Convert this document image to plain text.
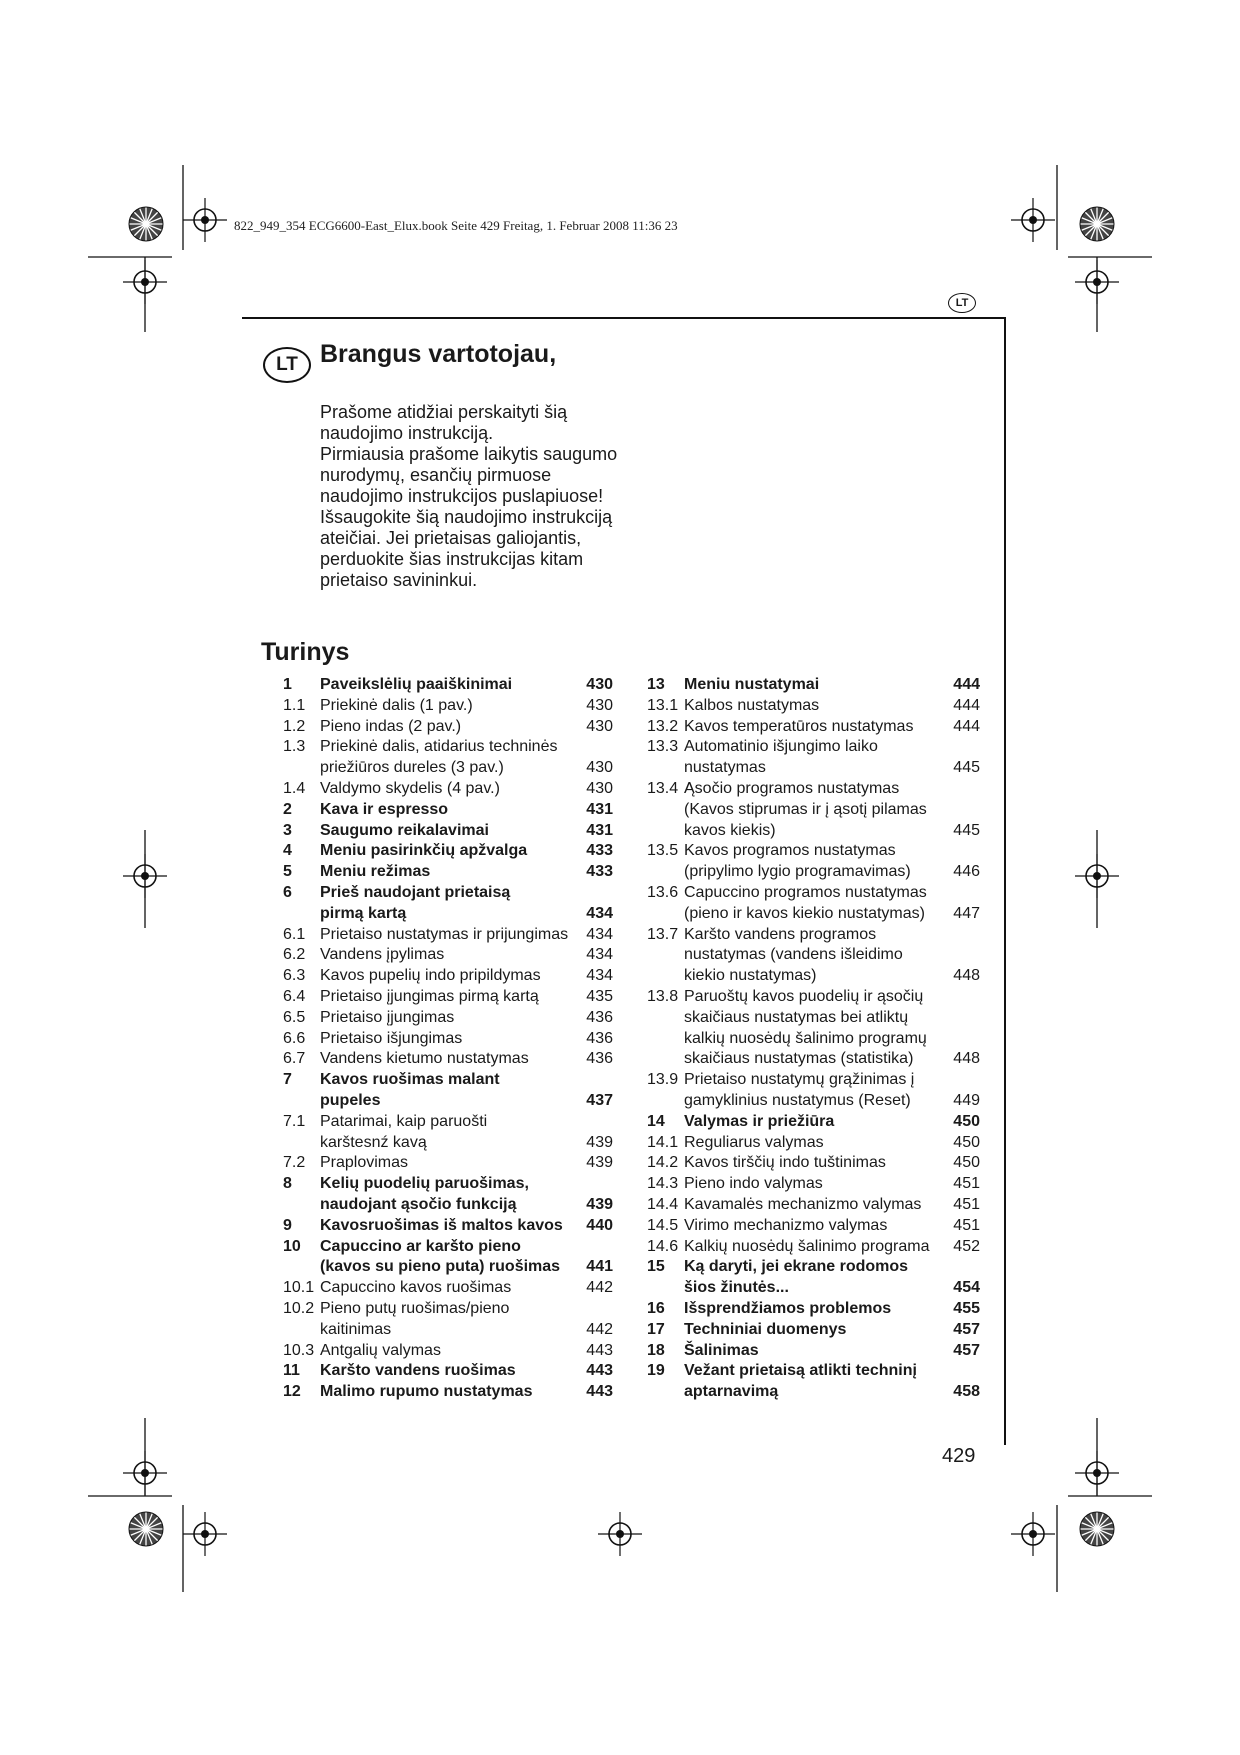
822_949_354 ECG6600-East_Elux.book Seite 429 Freitag, 1. Februar 2008 11:36 23
LT
LT Brangus vartotojau,

Prašome atidžiai perskaityti šią naudojimo instrukciją.

Pirmiausia prašome laikytis saugumo nurodymų, esančių pirmuose naudojimo instrukcijos puslapiuose! Išsaugokite šią naudojimo instrukciją ateičiai. Jei prietaisas galiojantis, perduokite šias instrukcijas kitam prietaiso savininkui.

Turinys
1	Paveikslėlių paaiškinimai	430
1.1 Priekinė dalis (1 pav.)	430
1.2 Pieno indas (2 pav.)	430
1.3 Priekinė dalis, atidarius techninės
priežiūros dureles (3 pav.)	430
1.4 Valdymo skydelis (4 pav.)	430
2	Kava ir espresso	431
3	Saugumo reikalavimai	431
4	Meniu pasirinkčių apžvalga	433
5	Meniu režimas	433
6	Prieš naudojant prietaisą
pirmą kartą	434
6.1 Prietaiso nustatymas ir prijungimas	434
6.2 Vandens įpylimas	434
6.3 Kavos pupelių indo pripildymas	434
6.4 Prietaiso įjungimas pirmą kartą	435
6.5 Prietaiso įjungimas	436
6.6 Prietaiso išjungimas	436
6.7 Vandens kietumo nustatymas	436
7	Kavos ruošimas malant
pupeles	437
7.1 Patarimai, kaip paruošti
karštesnź kavą	439
7.2 Praplovimas	439
8	Kelių puodelių paruošimas,
naudojant ąsočio funkciją	439
9	Kavosruošimas iš maltos kavos	440
10	Capuccino ar karšto pieno
(kavos su pieno puta) ruošimas	441
10.1 Capuccino kavos ruošimas	442
10.2 Pieno putų ruošimas/pieno
kaitinimas	442
10.3 Antgalių valymas	443
11	Karšto vandens ruošimas	443
12	Malimo rupumo nustatymas	443
13	Meniu nustatymai	444
13.1 Kalbos nustatymas	444
13.2 Kavos temperatūros nustatymas	444
13.3 Automatinio išjungimo laiko
nustatymas	445
13.4 Ąsočio programos nustatymas
(Kavos stiprumas ir į ąsotį pilamas
kavos kiekis)	445
13.5 Kavos programos nustatymas
(pripylimo lygio programavimas)	446
13.6 Capuccino programos nustatymas
(pieno ir kavos kiekio nustatymas)	447
13.7 Karšto vandens programos
nustatymas (vandens išleidimo
kiekio nustatymas)	448
13.8 Paruoštų kavos puodelių ir ąsočių
skaičiaus nustatymas bei atliktų
kalkių nuosėdų šalinimo programų
skaičiaus nustatymas (statistika)	448
13.9 Prietaiso nustatymų grąžinimas į
gamyklinius nustatymus (Reset)	449
14	Valymas ir priežiūra	450
14.1 Reguliarus valymas	450
14.2 Kavos tirščių indo tuštinimas	450
14.3 Pieno indo valymas	451
14.4 Kavamalės mechanizmo valymas	451
14.5 Virimo mechanizmo valymas	451
14.6 Kalkių nuosėdų šalinimo programa	452
15	Ką daryti, jei ekrane rodomos
šios žinutės...	454
16	Išsprendžiamos problemos	455
17	Techniniai duomenys	457
18	Šalinimas	457
19	Vežant prietaisą atlikti techninį
aptarnavimą	458
429
